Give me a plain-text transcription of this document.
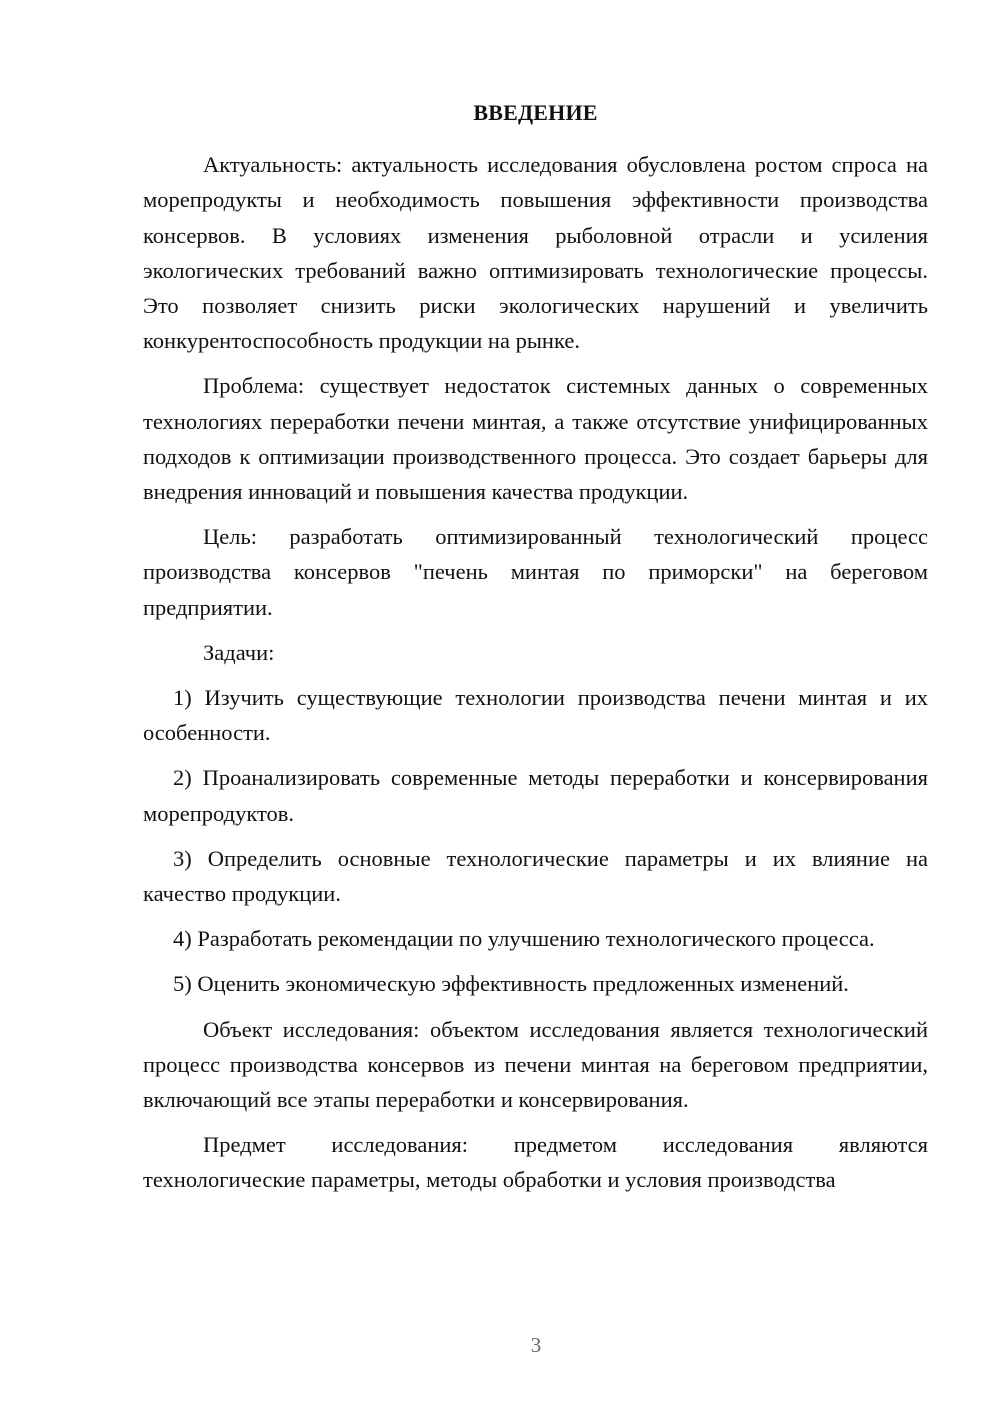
ВВЕДЕНИЕ

Актуальность: актуальность исследования обусловлена ростом спроса на морепродукты и необходимость повышения эффективности производства консервов. В условиях изменения рыболовной отрасли и усиления экологических требований важно оптимизировать технологические процессы. Это позволяет снизить риски экологических нарушений и увеличить конкурентоспособность продукции на рынке.

Проблема: существует недостаток системных данных о современных технологиях переработки печени минтая, а также отсутствие унифицированных подходов к оптимизации производственного процесса. Это создает барьеры для внедрения инноваций и повышения качества продукции.

Цель: разработать оптимизированный технологический процесс производства консервов "печень минтая по приморски" на береговом предприятии.

Задачи:

1) Изучить существующие технологии производства печени минтая и их особенности.

2) Проанализировать современные методы переработки и консервирования морепродуктов.

3) Определить основные технологические параметры и их влияние на качество продукции.

4) Разработать рекомендации по улучшению технологического процесса.

5) Оценить экономическую эффективность предложенных изменений.

Объект исследования: объектом исследования является технологический процесс производства консервов из печени минтая на береговом предприятии, включающий все этапы переработки и консервирования.

Предмет исследования: предметом исследования являются технологические параметры, методы обработки и условия производства

3
